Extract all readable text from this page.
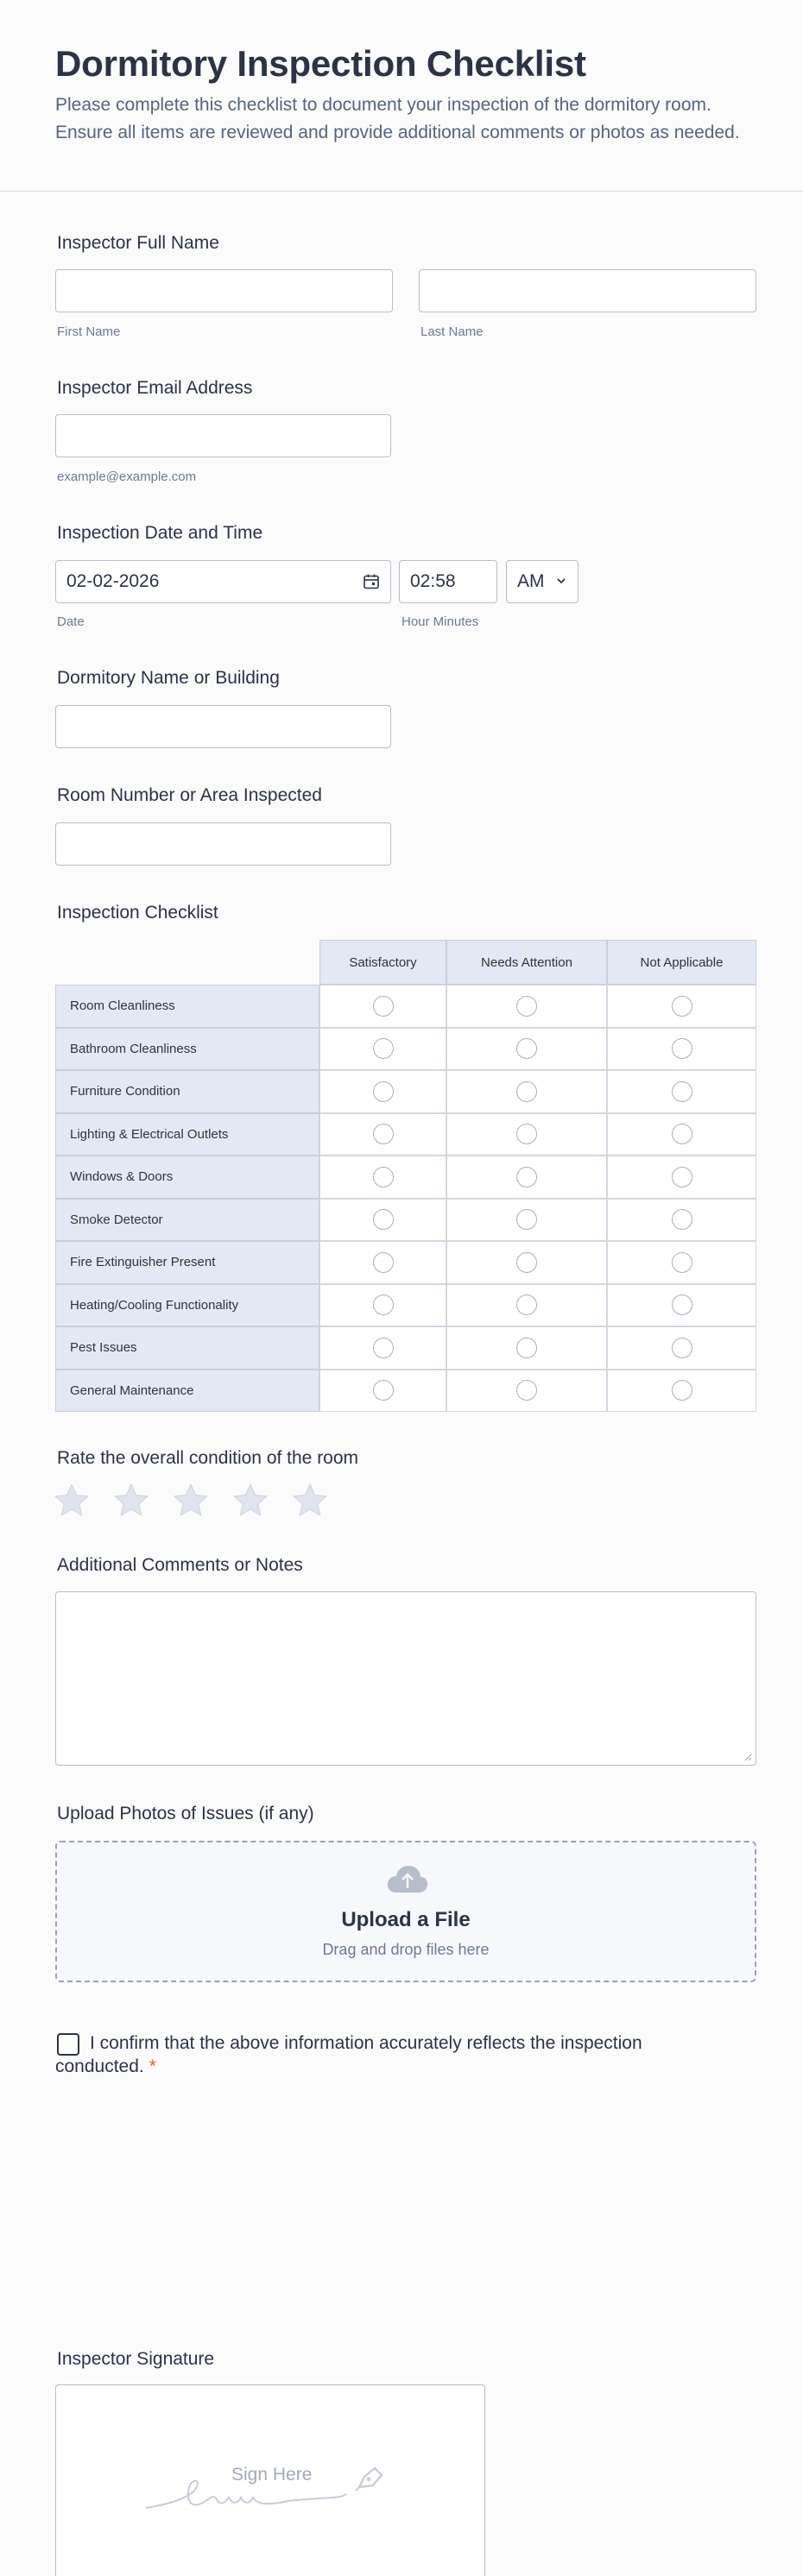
Dormitory Inspection Checklist
Please complete this checklist to document your inspection of the dormitory room. Ensure all items are reviewed and provide additional comments or photos as needed.
Inspector Full Name
First Name	Last Name
Inspector Email Address
example@example.com
Inspection Date and Time
02-02-2026	02:58	AM
Date	Hour Minutes
Dormitory Name or Building
Room Number or Area Inspected
Inspection Checklist
Satisfactory	Needs Attention	Not Applicable
Room Cleanliness
Bathroom Cleanliness
Furniture Condition
Lighting & Electrical Outlets
Windows & Doors
Smoke Detector
Fire Extinguisher Present
Heating/Cooling Functionality
Pest Issues
General Maintenance
Rate the overall condition of the room
Additional Comments or Notes
Upload Photos of Issues (if any)
Upload a File
Drag and drop files here
I confirm that the above information accurately reflects the inspection conducted. *
Inspector Signature
Sign Here
